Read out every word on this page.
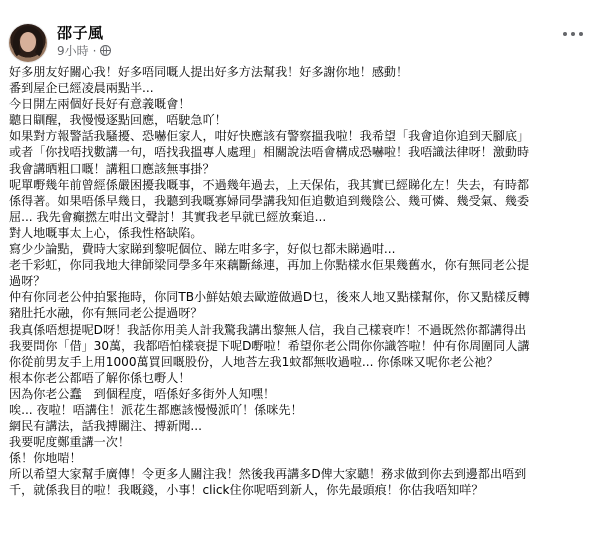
邵子風
9小時 ·
好多朋友好關心我！好多唔同嘅人提出好多方法幫我！好多謝你地！感動！
番到屋企已經凌晨兩點半...
今日開左兩個好長好有意義嘅會！
聽日瞓醒，我慢慢逐點回應，唔駛急吖！
如果對方報警話我騷擾、恐嚇佢家人，咁好快應該有警察搵我啦！我希望「我會追你追到天腳底」
或者「你找唔找數講一句，唔找我搵專人處理」相關說法唔會構成恐嚇啦！我唔識法律呀！激動時
我會講晒粗口嘅！講粗口應該無事掛？
呢單嘢幾年前曾經係嚴困擾我嘅事，不過幾年過去，上天保佑，我其實已經睇化左！失去，有時都
係得著。如果唔係早幾日，我聽到我嘅寡婦同學講我知佢追數追到幾陰公、幾可憐、幾受氣、幾委
屈... 我先會癲撚左咁出文聲討！其實我老早就已經放棄追...
對人地嘅事太上心，係我性格缺陷。
寫少少論點，費時大家睇到黎呢個位、睇左咁多字，好似乜都未睇過咁...
老千彩虹，你同我地大律師梁同學多年來藕斷絲連，再加上你點樣水佢果幾舊水，你有無同老公提
過呀？
仲有你同老公仲拍緊拖時，你同TB小鮮姑娘去歐遊做過D乜，後來人地又點樣幫你，你又點樣反轉
豬肚托水融，你有無同老公提過呀？
我真係唔想提呢D呀！我話你用美人計我驚我講出黎無人信，我自己樣衰咋！不過既然你都講得出
我要問你「借」30萬，我都唔怕樣衰提下呢D嘢啦！希望你老公問你你識答啦！仲有你周圍同人講
你從前男友手上用1000萬買回嘅股份，人地荅左我1蚊都無收過啦... 你係咪又呢你老公祂？
根本你老公都唔了解你係乜嘢人！
因為你老公蠢　到個程度，唔係好多街外人知嘿！
唉... 夜啦！唔講住！派花生都應該慢慢派吖！係咪先！
網民有講法，話我搏關注、搏新聞...
我要呢度鄭重講一次！
係！你地啱！
所以希望大家幫手廣傳！令更多人關注我！然後我再講多D俾大家聽！務求做到你去到邊都出唔到
千，就係我目的啦！我嘅錢，小事！click住你呢唔到新人，你先最頭痕！你估我唔知咩？
